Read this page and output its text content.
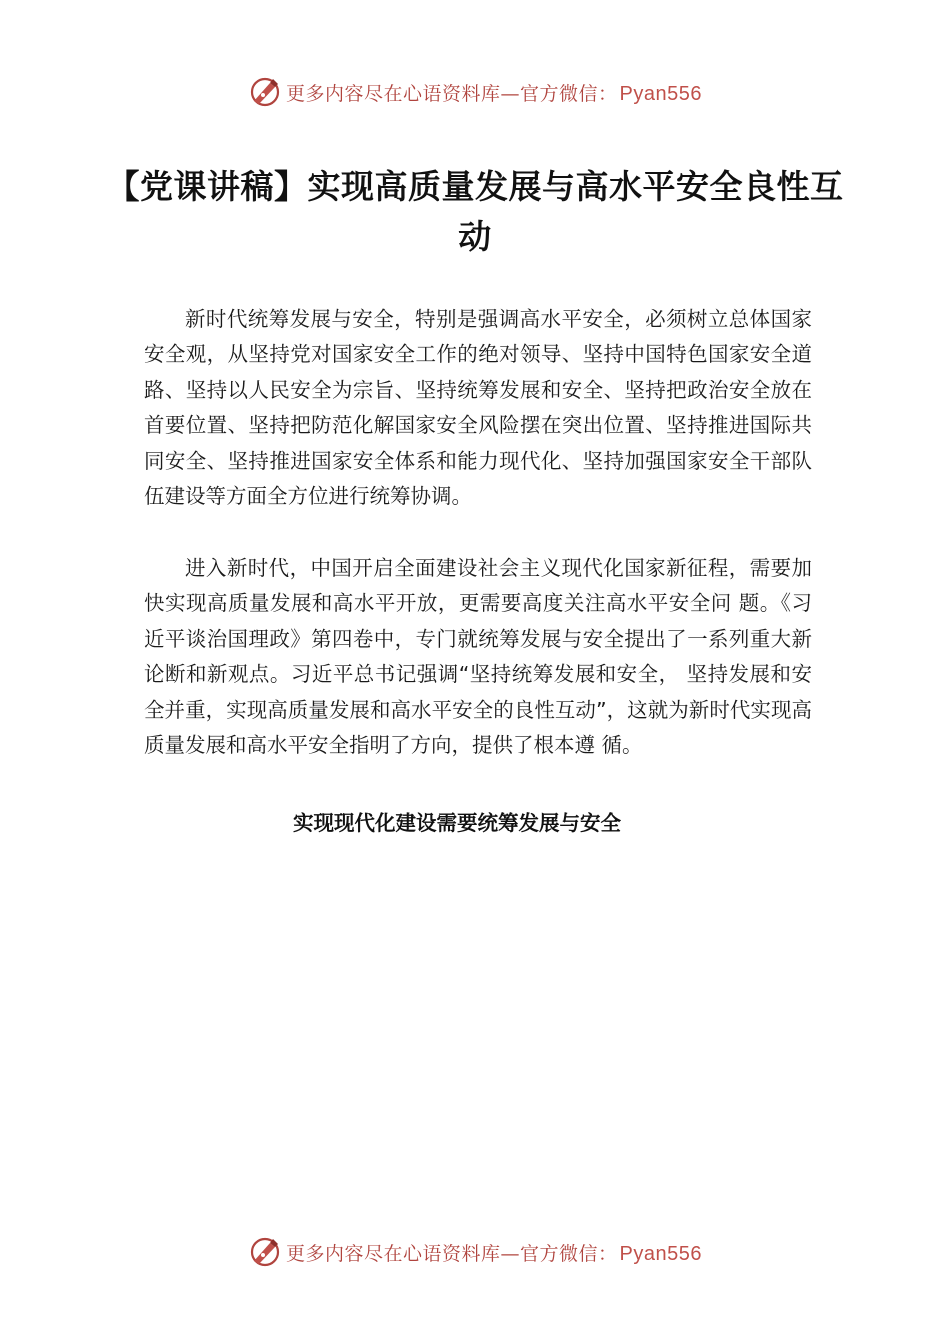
更多内容尽在心语资料库—官方微信： Pyan556
【党课讲稿】实现高质量发展与高水平安全良性互动

新时代统筹发展与安全，特别是强调高水平安全，必须树立总体国家安全观，从坚持党对国家安全工作的绝对领导、坚持中国特色国家安全道路、坚持以人民安全为宗旨、坚持统筹发展和安全、坚持把政治安全放在首要位置、坚持把防范化解国家安全风险摆在突出位置、坚持推进国际共同安全、坚持推进国家安全体系和能力现代化、坚持加强国家安全干部队伍建设等方面全方位进行统筹协调。

进入新时代，中国开启全面建设社会主义现代化国家新征程，需要加快实现高质量发展和高水平开放，更需要高度关注高水平安全问 题。《习近平谈治国理政》第四卷中，专门就统筹发展与安全提出了一系列重大新论断和新观点。习近平总书记强调“坚持统筹发展和安全， 坚持发展和安全并重，实现高质量发展和高水平安全的良性互动”，这就为新时代实现高质量发展和高水平安全指明了方向，提供了根本遵 循。

实现现代化建设需要统筹发展与安全
更多内容尽在心语资料库—官方微信： Pyan556
